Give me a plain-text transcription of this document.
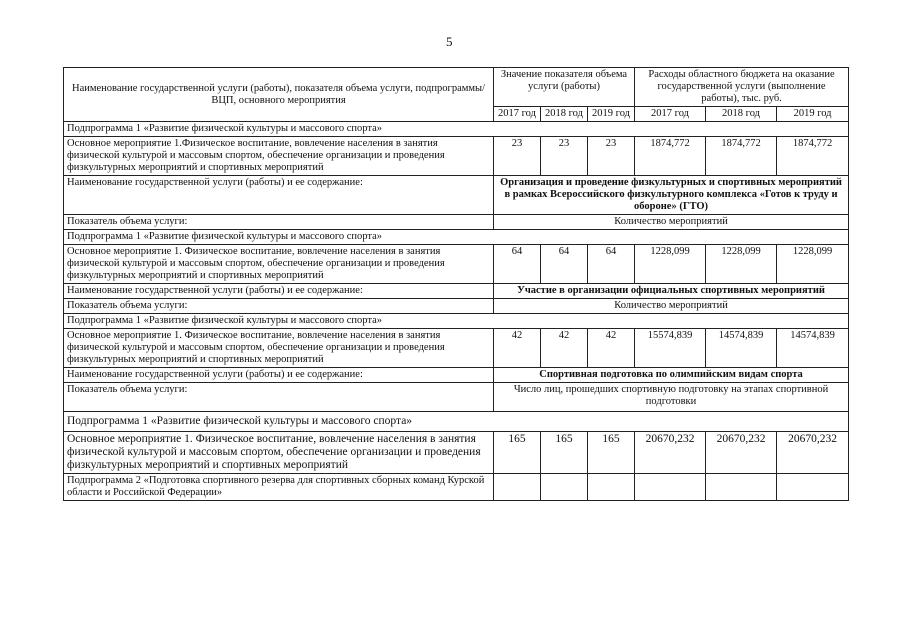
5
Наименование государственной услуги (работы), показателя объема услуги, подпрограммы/ВЦП, основного мероприятия	Значение показателя объема услуги (работы)			Расходы областного бюджета на оказание государственной услуги (выполнение работы), тыс. руб.		
	2017 год	2018 год	2019 год	2017 год	2018 год	2019 год
Подпрограмма 1 «Развитие физической культуры и массового спорта»						
Основное мероприятие 1.Физическое воспитание, вовлечение населения в занятия физической культурой и массовым спортом, обеспечение организации и проведения физкультурных мероприятий и спортивных мероприятий	23	23	23	1874,772	1874,772	1874,772
Наименование государственной услуги (работы) и ее содержание:	Организация и проведение физкультурных и спортивных мероприятий в рамках Всероссийского физкультурного комплекса «Готов к труду и обороне» (ГТО)					
Показатель объема услуги:	Количество мероприятий					
Подпрограмма 1 «Развитие физической культуры и массового спорта»						
Основное мероприятие 1. Физическое воспитание, вовлечение населения в занятия физической культурой и массовым спортом, обеспечение организации и проведения физкультурных мероприятий и спортивных мероприятий	64	64	64	1228,099	1228,099	1228,099
Наименование государственной услуги (работы) и ее содержание:	Участие в организации официальных спортивных мероприятий					
Показатель объема услуги:	Количество мероприятий					
Подпрограмма 1 «Развитие физической культуры и массового спорта»						
Основное мероприятие 1. Физическое воспитание, вовлечение населения в занятия физической культурой и массовым спортом, обеспечение организации и проведения физкультурных мероприятий и спортивных мероприятий	42	42	42	15574,839	14574,839	14574,839
Наименование государственной услуги (работы) и ее содержание:	Спортивная подготовка по олимпийским видам спорта					
Показатель объема услуги:	Число лиц, прошедших спортивную подготовку на этапах спортивной подготовки					
Подпрограмма 1 «Развитие физической культуры и массового спорта»						
Основное мероприятие 1. Физическое воспитание, вовлечение населения в занятия физической культурой и массовым спортом, обеспечение организации и проведения физкультурных мероприятий и спортивных мероприятий	165	165	165	20670,232	20670,232	20670,232
Подпрограмма 2 «Подготовка спортивного резерва для спортивных сборных команд Курской области и Российской Федерации»						
